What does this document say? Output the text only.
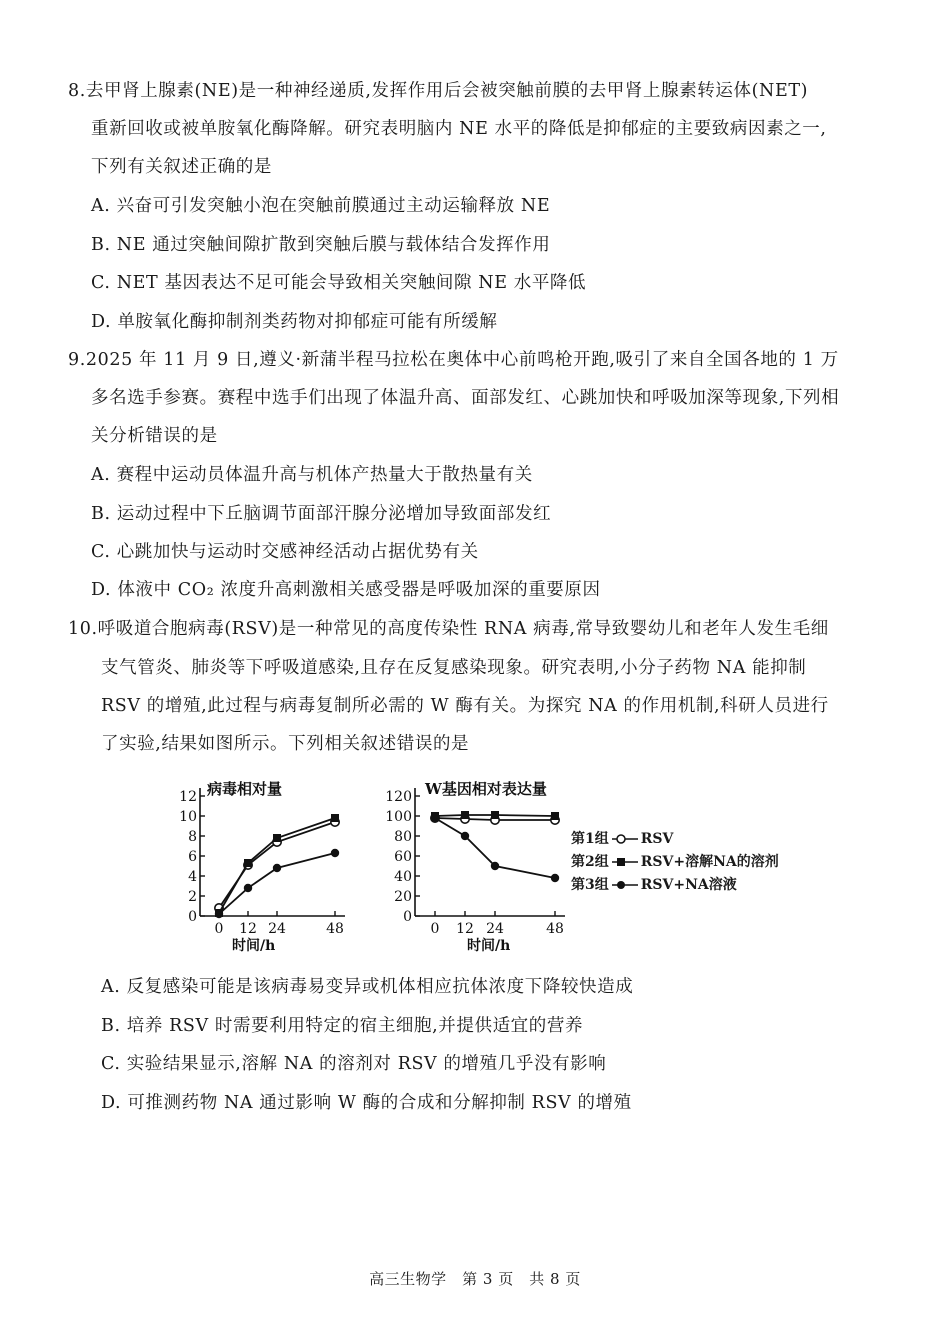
8.去甲肾上腺素(NE)是一种神经递质,发挥作用后会被突触前膜的去甲肾上腺素转运体(NET)
重新回收或被单胺氧化酶降解。研究表明脑内 NE 水平的降低是抑郁症的主要致病因素之一,
下列有关叙述正确的是
A. 兴奋可引发突触小泡在突触前膜通过主动运输释放 NE
B. NE 通过突触间隙扩散到突触后膜与载体结合发挥作用
C. NET 基因表达不足可能会导致相关突触间隙 NE 水平降低
D. 单胺氧化酶抑制剂类药物对抑郁症可能有所缓解
9.2025 年 11 月 9 日,遵义·新蒲半程马拉松在奥体中心前鸣枪开跑,吸引了来自全国各地的 1 万
多名选手参赛。赛程中选手们出现了体温升高、面部发红、心跳加快和呼吸加深等现象,下列相
关分析错误的是
A. 赛程中运动员体温升高与机体产热量大于散热量有关
B. 运动过程中下丘脑调节面部汗腺分泌增加导致面部发红
C. 心跳加快与运动时交感神经活动占据优势有关
D. 体液中 CO₂ 浓度升高刺激相关感受器是呼吸加深的重要原因
10.呼吸道合胞病毒(RSV)是一种常见的高度传染性 RNA 病毒,常导致婴幼儿和老年人发生毛细
支气管炎、肺炎等下呼吸道感染,且存在反复感染现象。研究表明,小分子药物 NA 能抑制
RSV 的增殖,此过程与病毒复制所必需的 W 酶有关。为探究 NA 的作用机制,科研人员进行
了实验,结果如图所示。下列相关叙述错误的是
病毒相对量
0
2
4
6
8
10
12
0 12 24	48
时间/h
W基因相对表达量
0
20
40
60
80
100
120
0 12 24	48
时间/h
第1组 RSV
第2组 RSV+溶解NA的溶剂
第3组 RSV+NA溶液
A. 反复感染可能是该病毒易变异或机体相应抗体浓度下降较快造成
B. 培养 RSV 时需要利用特定的宿主细胞,并提供适宜的营养
C. 实验结果显示,溶解 NA 的溶剂对 RSV 的增殖几乎没有影响
D. 可推测药物 NA 通过影响 W 酶的合成和分解抑制 RSV 的增殖
高三生物学　第 3 页　共 8 页
